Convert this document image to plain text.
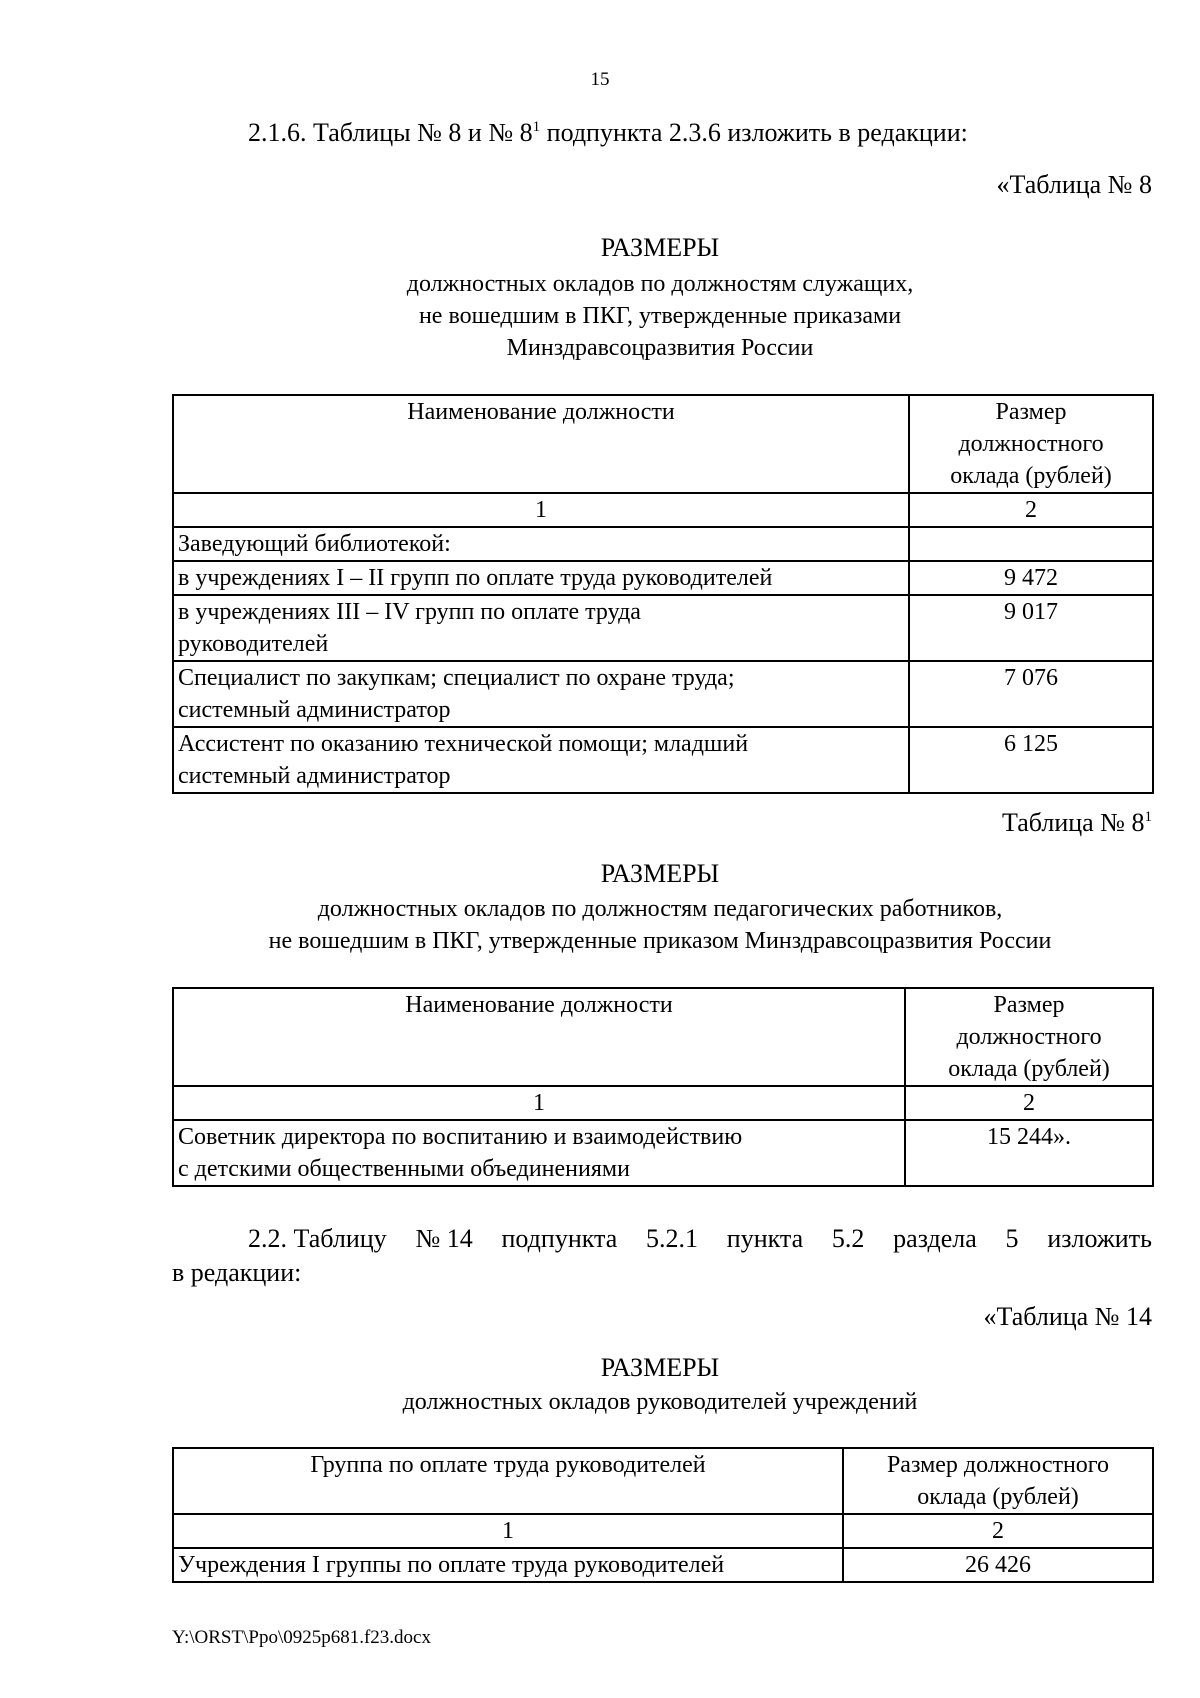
15
2.1.6. Таблицы № 8 и № $8^1$ подпункта 2.3.6 изложить в редакции:
«Таблица № 8
РАЗМЕРЫ
должностных окладов по должностям служащих,
не вошедшим в ПКГ, утвержденные приказами
Минздравсоцразвития России
Наименование должности	Размер
должностного
оклада (рублей)

1	2
Заведующий библиотекой:	
в учреждениях I – II групп по оплате труда руководителей	9 472

в учреждениях III – IV групп по оплате труда
руководителей	9 017

Специалист по закупкам; специалист по охране труда;
системный администратор	7 076

Ассистент по оказанию технической помощи; младший
системный администратор	6 125
Таблица № $8^1$
РАЗМЕРЫ
должностных окладов по должностям педагогических работников,
не вошедшим в ПКГ, утвержденные приказом Минздравсоцразвития России
Наименование должности	Размер
должностного
оклада (рублей)

1	2

Советник директора по воспитанию и взаимодействию
с детскими общественными объединениями	15 244».
2.2. Таблицу № 14 подпункта 5.2.1 пункта 5.2 раздела 5 изложить
в редакции:
«Таблица № 14
РАЗМЕРЫ
должностных окладов руководителей учреждений
Группа по оплате труда руководителей	Размер должностного
оклада (рублей)

1	2
Учреждения I группы по оплате труда руководителей	26 426
Y:\ORST\Ppo\0925p681.f23.docx
